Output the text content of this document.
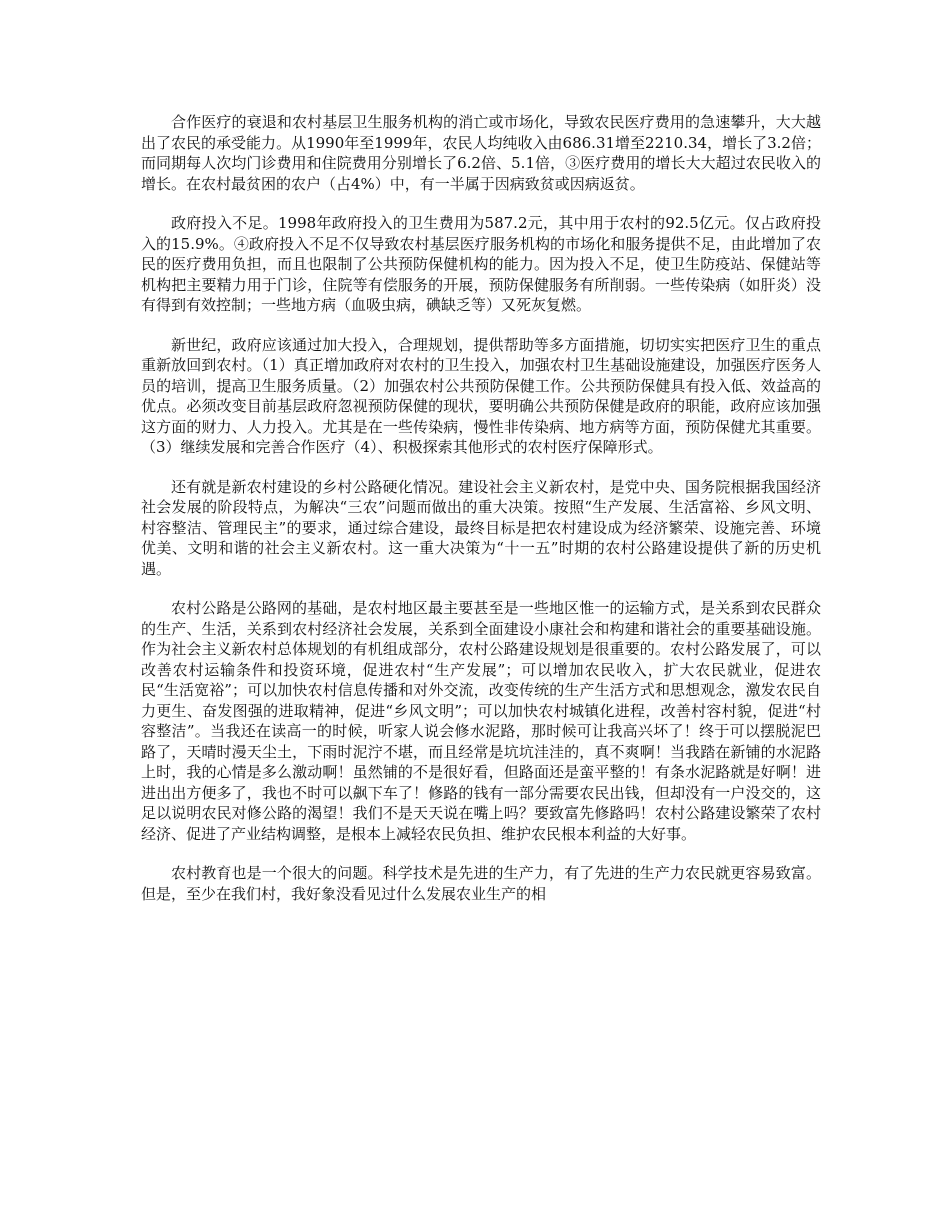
合作医疗的衰退和农村基层卫生服务机构的消亡或市场化，导致农民医疗费用的急速攀升，大大越出了农民的承受能力。从1990年至1999年，农民人均纯收入由686.31增至2210.34，增长了3.2倍；而同期每人次均门诊费用和住院费用分别增长了6.2倍、5.1倍，③医疗费用的增长大大超过农民收入的增长。在农村最贫困的农户（占4%）中，有一半属于因病致贫或因病返贫。

政府投入不足。1998年政府投入的卫生费用为587.2元，其中用于农村的92.5亿元。仅占政府投入的15.9%。④政府投入不足不仅导致农村基层医疗服务机构的市场化和服务提供不足，由此增加了农民的医疗费用负担，而且也限制了公共预防保健机构的能力。因为投入不足，使卫生防疫站、保健站等机构把主要精力用于门诊，住院等有偿服务的开展，预防保健服务有所削弱。一些传染病（如肝炎）没有得到有效控制；一些地方病（血吸虫病，碘缺乏等）又死灰复燃。

新世纪，政府应该通过加大投入，合理规划，提供帮助等多方面措施，切切实实把医疗卫生的重点重新放回到农村。（1）真正增加政府对农村的卫生投入，加强农村卫生基础设施建设，加强医疗医务人员的培训，提高卫生服务质量。（2）加强农村公共预防保健工作。公共预防保健具有投入低、效益高的优点。必须改变目前基层政府忽视预防保健的现状，要明确公共预防保健是政府的职能，政府应该加强这方面的财力、人力投入。尤其是在一些传染病，慢性非传染病、地方病等方面，预防保健尤其重要。（3）继续发展和完善合作医疗（4）、积极探索其他形式的农村医疗保障形式。

还有就是新农村建设的乡村公路硬化情况。建设社会主义新农村，是党中央、国务院根据我国经济社会发展的阶段特点，为解决“三农”问题而做出的重大决策。按照“生产发展、生活富裕、乡风文明、村容整洁、管理民主”的要求，通过综合建设，最终目标是把农村建设成为经济繁荣、设施完善、环境优美、文明和谐的社会主义新农村。这一重大决策为“十一五”时期的农村公路建设提供了新的历史机遇。

农村公路是公路网的基础，是农村地区最主要甚至是一些地区惟一的运输方式，是关系到农民群众的生产、生活，关系到农村经济社会发展，关系到全面建设小康社会和构建和谐社会的重要基础设施。作为社会主义新农村总体规划的有机组成部分，农村公路建设规划是很重要的。农村公路发展了，可以改善农村运输条件和投资环境，促进农村“生产发展”；可以增加农民收入，扩大农民就业，促进农民“生活宽裕”；可以加快农村信息传播和对外交流，改变传统的生产生活方式和思想观念，激发农民自力更生、奋发图强的进取精神，促进“乡风文明”；可以加快农村城镇化进程，改善村容村貌，促进“村容整洁”。当我还在读高一的时候，听家人说会修水泥路，那时候可让我高兴坏了！终于可以摆脱泥巴路了，天晴时漫天尘土，下雨时泥泞不堪，而且经常是坑坑洼洼的，真不爽啊！当我踏在新铺的水泥路上时，我的心情是多么激动啊！虽然铺的不是很好看，但路面还是蛮平整的！有条水泥路就是好啊！进进出出方便多了，我也不时可以飙下车了！修路的钱有一部分需要农民出钱，但却没有一户没交的，这足以说明农民对修公路的渴望！我们不是天天说在嘴上吗？要致富先修路吗！农村公路建设繁荣了农村经济、促进了产业结构调整，是根本上减轻农民负担、维护农民根本利益的大好事。

农村教育也是一个很大的问题。科学技术是先进的生产力，有了先进的生产力农民就更容易致富。但是，至少在我们村，我好象没看见过什么发展农业生产的相
